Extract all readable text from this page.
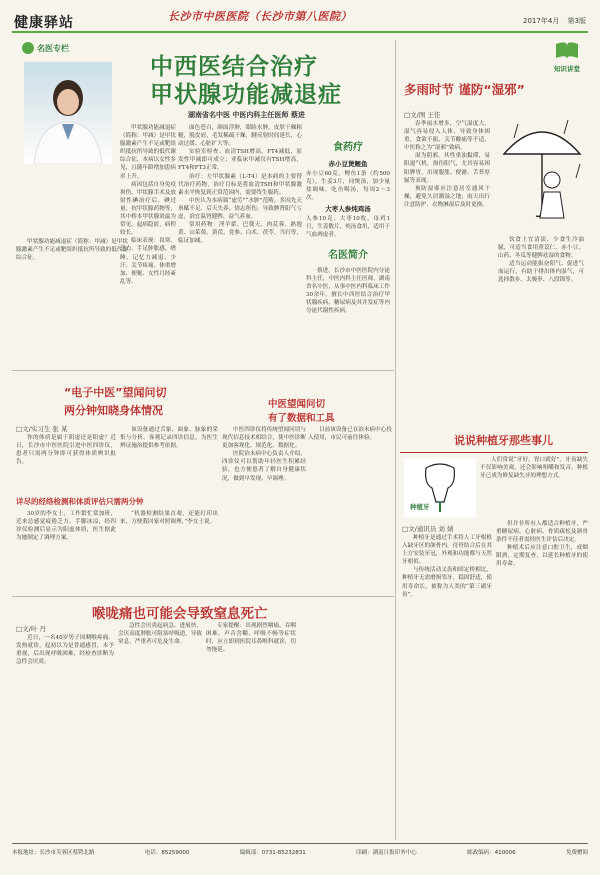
健康驿站	长沙市中医医院（长沙市第八医院）	2017年4月 第3版
名医专栏
甲状腺功能减退症（简称：甲减）是甲状腺激素产生不足或靶组织抵抗所导致的低代谢综合征。
中西医结合治疗
甲状腺功能减退症
湖南省名中医 中医内科主任医师 蔡进

甲状腺功能减退症（简称：甲减）是甲状腺激素产生不足或靶组织抵抗所导致的低代谢综合征，本病以女性多见，且随年龄增加患病率上升。

病因包括自身免疫损伤、甲状腺手术及放射性碘治疗后、碘过量、抗甲状腺药物等，其中桥本甲状腺炎最为常见。起病隐匿，病程较长。

临床表现：畏寒、乏力、手足肿胀感、嗜睡、记忆力减退、少汗、关节疼痛、体重增加、便秘、女性月经紊乱等。

面色苍白，颜面浮肿，眼睑水肿，皮肤干燥粗糙，脱皮屑，毛发稀疏干燥，腱反射时间延长，心动过缓、心脏扩大等。

实验室检查：血清TSH增高，FT4减低，原发性甲减即可成立；亚临床甲减仅有TSH增高，FT4和FT3正常。

治疗：左甲状腺素（L-T4）是本病的主要替代治疗药物，治疗目标是将血清TSH和甲状腺激素水平恢复到正常范围内，需要终生服药。

中医认为本病属“虚劳”“水肿”范畴，多因先天禀赋不足、后天失养、情志所伤，导致脾肾阳气亏虚，治宜温肾健脾、益气养血。

常用药物：淫羊藿、巴戟天、肉苁蓉、熟地黄、山茱萸、黄芪、党参、白术、茯苓、当归等，临证加减。

食药疗
赤小豆煲鲤鱼
赤小豆60克，鲤鱼1条（约500克），生姜3片，同煲汤，加少量盐调味，吃鱼喝汤，每周2～3次。
大枣人参炖鸡汤
人参10克，大枣10枚，母鸡1只，生姜数片，炖汤食用，适用于气血两虚者。
名医简介
蔡进，长沙市中医医院内分泌科主任，中医内科主任医师，湖南省名中医，从事中医内科临床工作30余年，擅长中西医结合治疗甲状腺疾病、糖尿病及其并发症等内分泌代谢性疾病。
知识讲堂
多雨时节 谨防“湿邪”
□文/图 王佳

春季雨水增多，空气湿度大，湿气容易侵入人体，导致身体困重、食欲不振、关节酸痛等不适，中医称之为“湿邪”致病。

湿为阴邪，其性重浊黏滞，易阻遏气机，损伤阳气，尤其容易困阻脾胃，出现腹胀、便溏、舌苔厚腻等表现。

预防湿邪应注意居室通风干燥，避免久居潮湿之地；雨天出行注意防护，衣物淋湿后及时更换。

饮食上宜清淡，少食生冷油腻，可适当食用薏苡仁、赤小豆、山药、冬瓜等健脾祛湿的食物。

适当运动能振奋阳气、促进气血运行，有助于排出体内湿气，可选择散步、太极拳、八段锦等。

“电子中医”望闻问切
两分钟知晓身体情况
□文/实习生 张 某

你的体质是属于阴虚还是阳虚？近日，长沙市中医医院引进中医四诊仪，患者只需两分钟即可获得体质辨识报告。

该设备通过舌象、面象、脉象的采集与分析，客观记录四诊信息，为医生辨证施治提供参考依据。

详尽的经络检测和体质评估只需两分钟

30岁的李女士，工作繁忙常加班，近来总感觉疲倦乏力、手脚冰凉，经四诊仪检测后显示为阳虚体质，医生据此为她制定了调理方案。

“机器检测结果直观，还能打印出来，方便我回家对照调理。”李女士说。

中医望闻问切
有了数据和工具

中医四诊仪将传统望闻问切与现代信息技术相结合，使中医诊断更加客观化、规范化、数据化。

医院治未病中心负责人介绍，四诊仪可以帮助年轻医生积累经验，也方便患者了解自身健康状况，做到早发现、早调理。

目前该设备已在治未病中心投入使用，市民可前往体验。	说说种植牙那些事儿
种植牙

人们常说“牙好，胃口就好”。牙齿缺失不仅影响美观，还会影响咀嚼和发音，种植牙已成为修复缺失牙的理想方式。

□文/通讯员 刘 婧

种植牙是通过手术将人工牙根植入缺牙区的颌骨内，待骨结合后在其上方安装牙冠，外观和功能都与天然牙相似。

与传统活动义齿和固定桥相比，种植牙无需磨损邻牙，稳固舒适，使用寿命长，被称为人类的“第三副牙齿”。

但并非所有人都适合种植牙，严重糖尿病、心脏病、骨质疏松及颌骨条件不佳者需经医生评估后决定。

种植术后应注意口腔卫生，戒烟限酒，定期复查，以延长种植牙的使用寿命。

喉咙痛也可能会导致窒息死亡
□文/叶 丹

近日，一名40岁男子因咽喉疼痛、发热就诊，起初以为是普通感冒，未予重视，后出现呼吸困难，经检查诊断为急性会厌炎。

急性会厌炎起病急、进展快，会厌高度肿胀可阻塞呼吸道，导致窒息，严重者可危及生命。

专家提醒：出现剧烈咽痛、吞咽困难、声音含糊、呼吸不畅等症状时，应立即到医院耳鼻喉科就诊，切勿拖延。

本报地址：长沙市芙蓉区蔡锷北路	电话：85259000	编辑部：0731-85232831	印刷：湖南日报印务中心	邮政编码：410006	免费赠阅
